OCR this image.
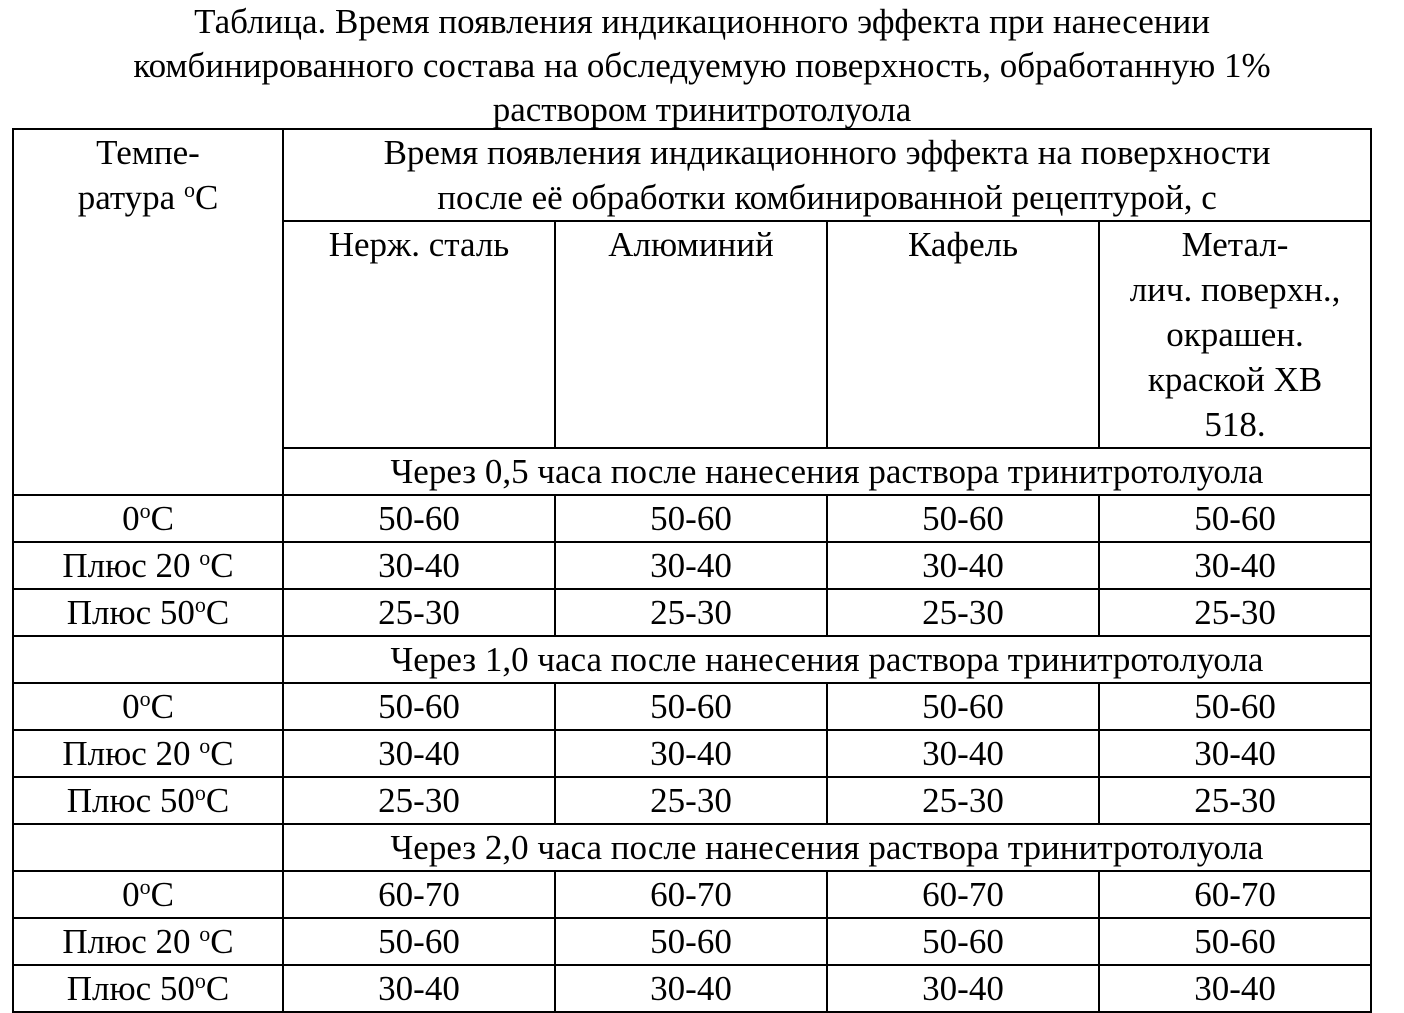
Таблица. Время появления индикационного эффекта при нанесении
комбинированного состава на обследуемую поверхность, обработанную 1%
раствором тринитротолуола
Темпе-
ратура $^o$C	Время появления индикационного эффекта на поверхности
после её обработки комбинированной рецептурой, с			

	Нерж. сталь	Алюминий	Кафель	Метал-
лич. поверхн.,
окрашен.
краской ХВ
518.

	Через 0,5 часа после нанесения раствора тринитротолуола			
0$^o$C	50-60	50-60	50-60	50-60
Плюс 20 $^o$C	30-40	30-40	30-40	30-40
Плюс 50$^o$C	25-30	25-30	25-30	25-30
	Через 1,0 часа после нанесения раствора тринитротолуола			
0$^o$C	50-60	50-60	50-60	50-60
Плюс 20 $^o$C	30-40	30-40	30-40	30-40
Плюс 50$^o$C	25-30	25-30	25-30	25-30
	Через 2,0 часа после нанесения раствора тринитротолуола			
0$^o$C	60-70	60-70	60-70	60-70
Плюс 20 $^o$C	50-60	50-60	50-60	50-60
Плюс 50$^o$C	30-40	30-40	30-40	30-40
